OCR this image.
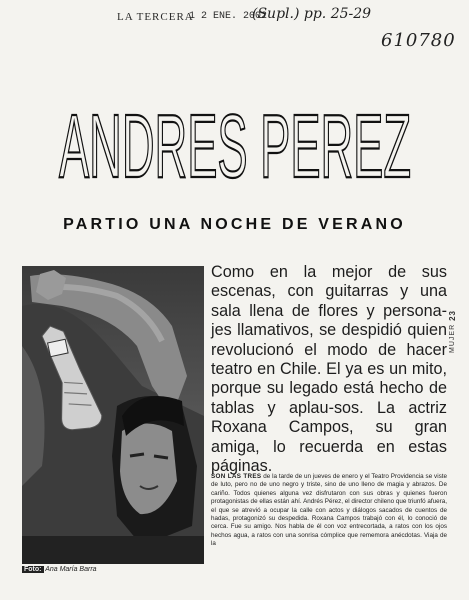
LA TERCERA
1 2 ENE. 2002
(Supl.) pp. 25-29
610780
ANDRES PEREZ
PARTIO UNA NOCHE DE VERANO
Foto: Ana María Barra

Como en la mejor de sus escenas, con guitarras y una sala llena de flores y persona-jes llamativos, se despidió quien revolucionó el modo de hacer teatro en Chile. El ya es un mito, porque su legado está hecho de tablas y aplau-sos. La actriz Roxana Campos, su gran amiga, lo recuerda en estas páginas.

SON LAS TRES de la tarde de un jueves de enero y el Teatro Providencia se viste de luto, pero no de uno negro y triste, sino de uno lleno de magia y abrazos. De cariño. Todos quienes alguna vez disfrutaron con sus obras y quienes fueron protagonistas de ellas están ahí. Andrés Pérez, el director chileno que triunfó afuera, el que se atrevió a ocupar la calle con actos y diálogos sacados de cuentos de hadas, protagonizó su despedida. Roxana Campos trabajó con él, lo conoció de cerca. Fue su amigo. Nos habla de él con voz entrecortada, a ratos con los ojos hechos agua, a ratos con una sonrisa cómplice que rememora anécdotas. Viaja de la

MUJER 23
